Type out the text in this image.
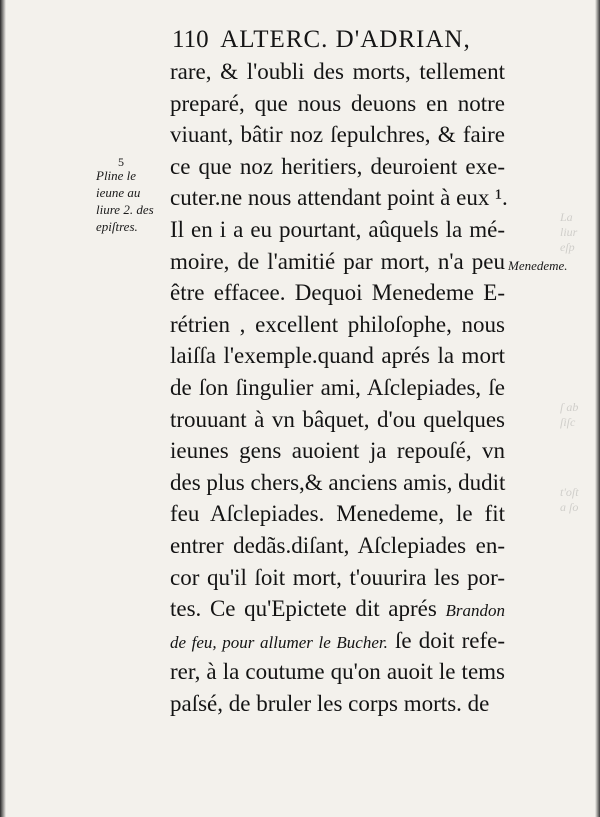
La
liur
eſp
ſ ab
ſiſc
t'oſt
a ſo
110 ALTERC. D'ADRIAN,
5
Pline le
ieune au
liure 2. des
epiſtres.
Menedeme.
rare, & l'oubli des morts, tellement
preparé, que nous deuons en notre
viuant, bâtir noz ſepulchres, & faire
ce que noz heritiers, deuroient exe-
cuter.ne nous attendant point à eux ¹.
Il en i a eu pourtant, aûquels la mé-
moire, de l'amitié par mort, n'a peu
être effacee. Dequoi Menedeme E-
rétrien , excellent philoſophe, nous
laiſſa l'exemple.quand aprés la mort
de ſon ſingulier ami, Aſclepiades, ſe
trouuant à vn bâquet, d'ou quelques
ieunes gens auoient ja repouſé, vn
des plus chers,& anciens amis, dudit
feu Aſclepiades. Menedeme, le fit
entrer dedãs.diſant, Aſclepiades en-
cor qu'il ſoit mort, t'ouurira les por-
tes. Ce qu'Epictete dit aprés Brandon
de feu, pour allumer le Bucher. ſe doit refe-
rer, à la coutume qu'on auoit le tems
paſsé, de bruler les corps morts. de
